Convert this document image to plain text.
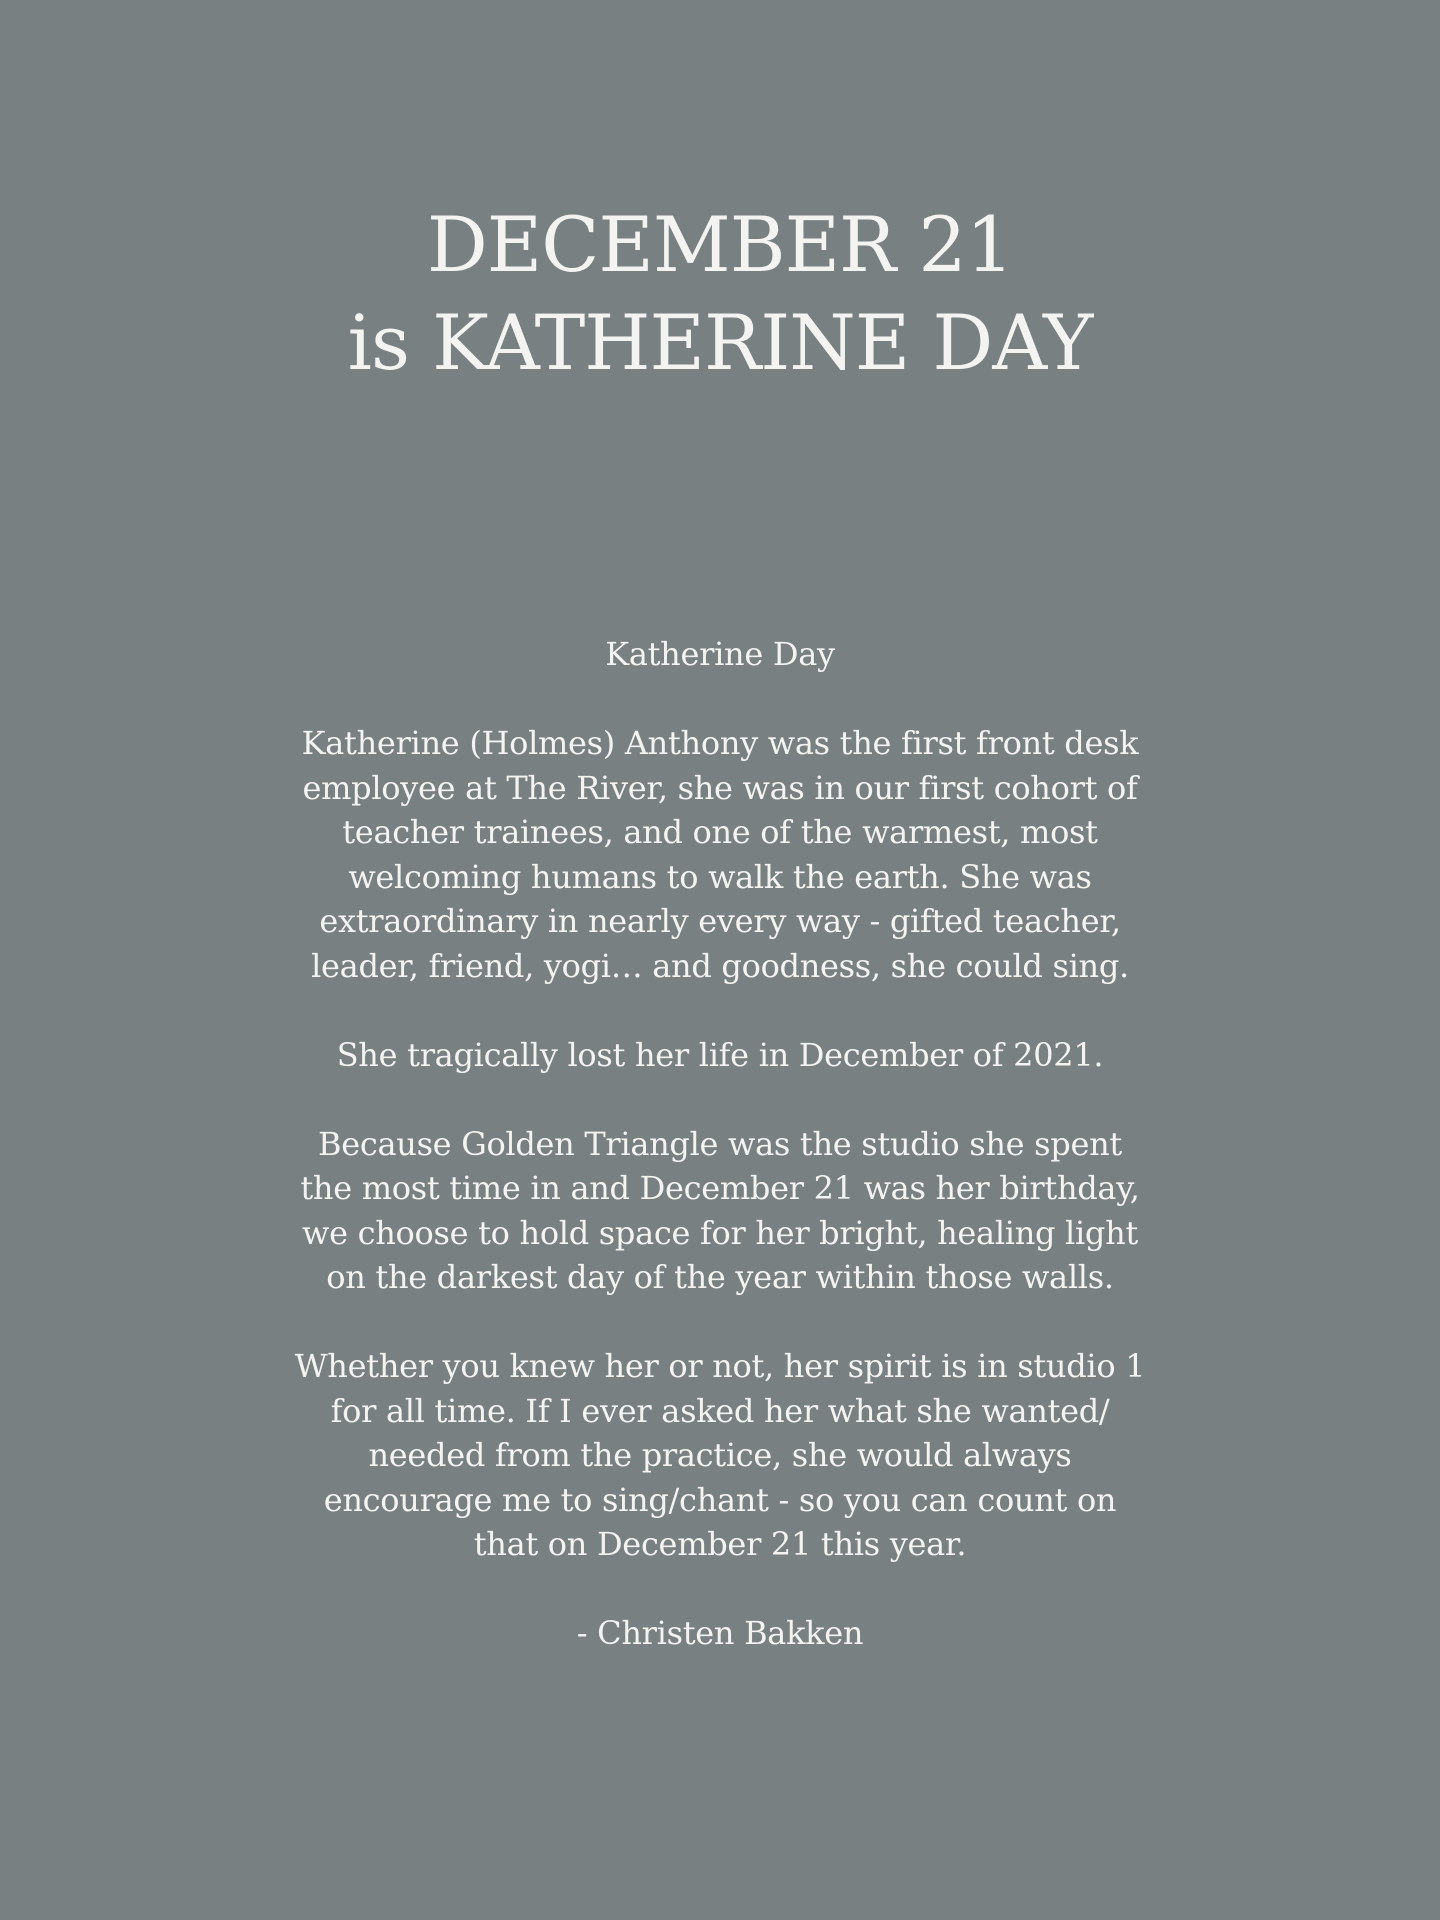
DECEMBER 21
is KATHERINE DAY
Katherine Day
Katherine (Holmes) Anthony was the first front desk
employee at The River, she was in our first cohort of
teacher trainees, and one of the warmest, most
welcoming humans to walk the earth. She was
extraordinary in nearly every way - gifted teacher,
leader, friend, yogi… and goodness, she could sing.
She tragically lost her life in December of 2021.
Because Golden Triangle was the studio she spent
the most time in and December 21 was her birthday,
we choose to hold space for her bright, healing light
on the darkest day of the year within those walls.
Whether you knew her or not, her spirit is in studio 1
for all time. If I ever asked her what she wanted/
needed from the practice, she would always
encourage me to sing/chant - so you can count on
that on December 21 this year.
- Christen Bakken
